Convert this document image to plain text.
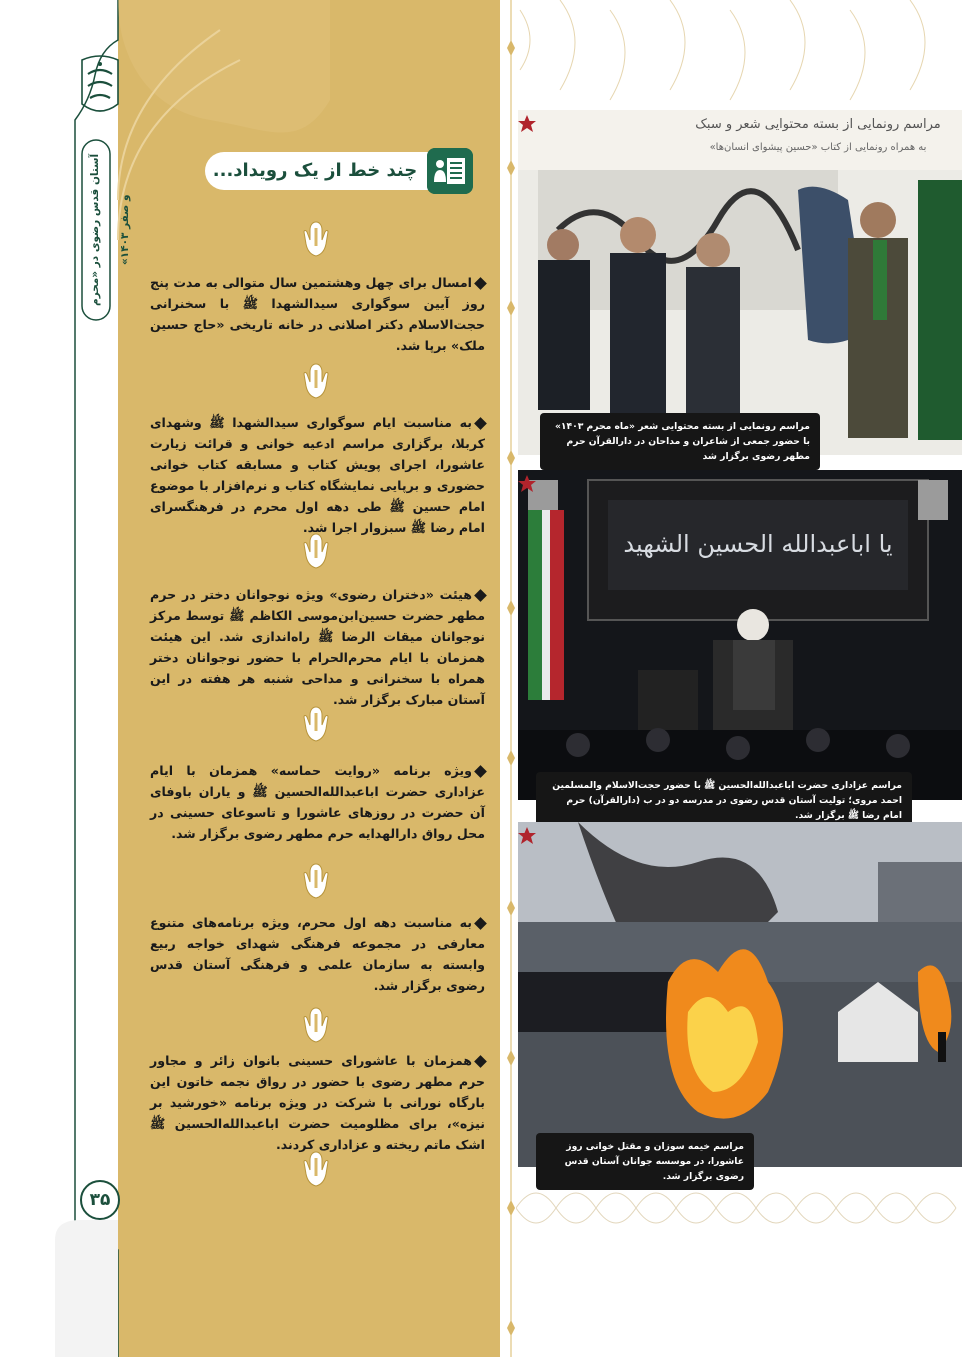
آستان قدس رضوی در «محرم و صفر ۱۴۰۳»
۳۵
چند خط از یک رویداد...
امسال برای چهل وهشتمین سال متوالی به مدت پنج روز آیین سوگواری سیدالشهدا ﷺ با سخنرانی حجت‌الاسلام دکتر اصلانی در خانه تاریخی «حاج حسین ملک» برپا شد.
به مناسبت ایام سوگواری سیدالشهدا ﷺ وشهدای کربلا، برگزاری مراسم ادعیه خوانی و قرائت زیارت عاشورا، اجرای پویش کتاب و مسابقه کتاب خوانی حضوری و برپایی نمایشگاه کتاب و نرم‌افزار با موضوع امام حسین ﷺ طی دهه اول محرم در فرهنگسرای امام رضا ﷺ سبزوار اجرا شد.
هیئت «دختران رضوی» ویژه نوجوانان دختر در حرم مطهر حضرت حسین‌ابن‌موسی الکاظم ﷺ توسط مرکز نوجوانان میقات الرضا ﷺ راه‌اندازی شد. این هیئت همزمان با ایام محرم‌الحرام با حضور نوجوانان دختر همراه با سخنرانی و مداحی شنبه هر هفته در این آستان مبارک برگزار شد.
ویژه برنامه «روایت حماسه» همزمان با ایام عزاداری حضرت اباعبدالله‌الحسین ﷺ و یاران باوفای آن حضرت در روزهای عاشورا و تاسوعای حسینی در محل رواق دارالهدایه حرم مطهر رضوی برگزار شد.
به مناسبت دهه اول محرم، ویژه برنامه‌های متنوع معارفی در مجموعه فرهنگی شهدای خواجه ربیع وابسته به سازمان علمی و فرهنگی آستان قدس رضوی برگزار شد.
همزمان با عاشورای حسینی بانوان زائر و مجاور حرم مطهر رضوی با حضور در رواق نجمه خاتون این بارگاه نورانی با شرکت در ویژه برنامه «خورشید بر نیزه»، برای مظلومیت حضرت اباعبدالله‌الحسین ﷺ اشک ماتم ریخته و عزاداری کردند.
مراسم رونمایی از بسته محتوایی شعر و سبک
به همراه رونمایی از کتاب «حسین پیشوای انسان‌ها»
مراسم رونمایی از بسته محتوایی شعر «ماه محرم ۱۴۰۳» با حضور جمعی از شاعران و مداحان در دارالقرآن حرم مطهر رضوی برگزار شد
یا اباعبدالله الحسین الشهید
مراسم عزاداری حضرت اباعبدالله‌الحسین ﷺ با حضور حجت‌الاسلام والمسلمین احمد مروی؛ تولیت آستان قدس رضوی در مدرسه دو در ب (دارالقرآن) حرم امام رضا ﷺ برگزار شد.
مراسم خیمه سوزان و مقتل خوانی روز عاشورا، در موسسه جوانان آستان قدس رضوی برگزار شد.
